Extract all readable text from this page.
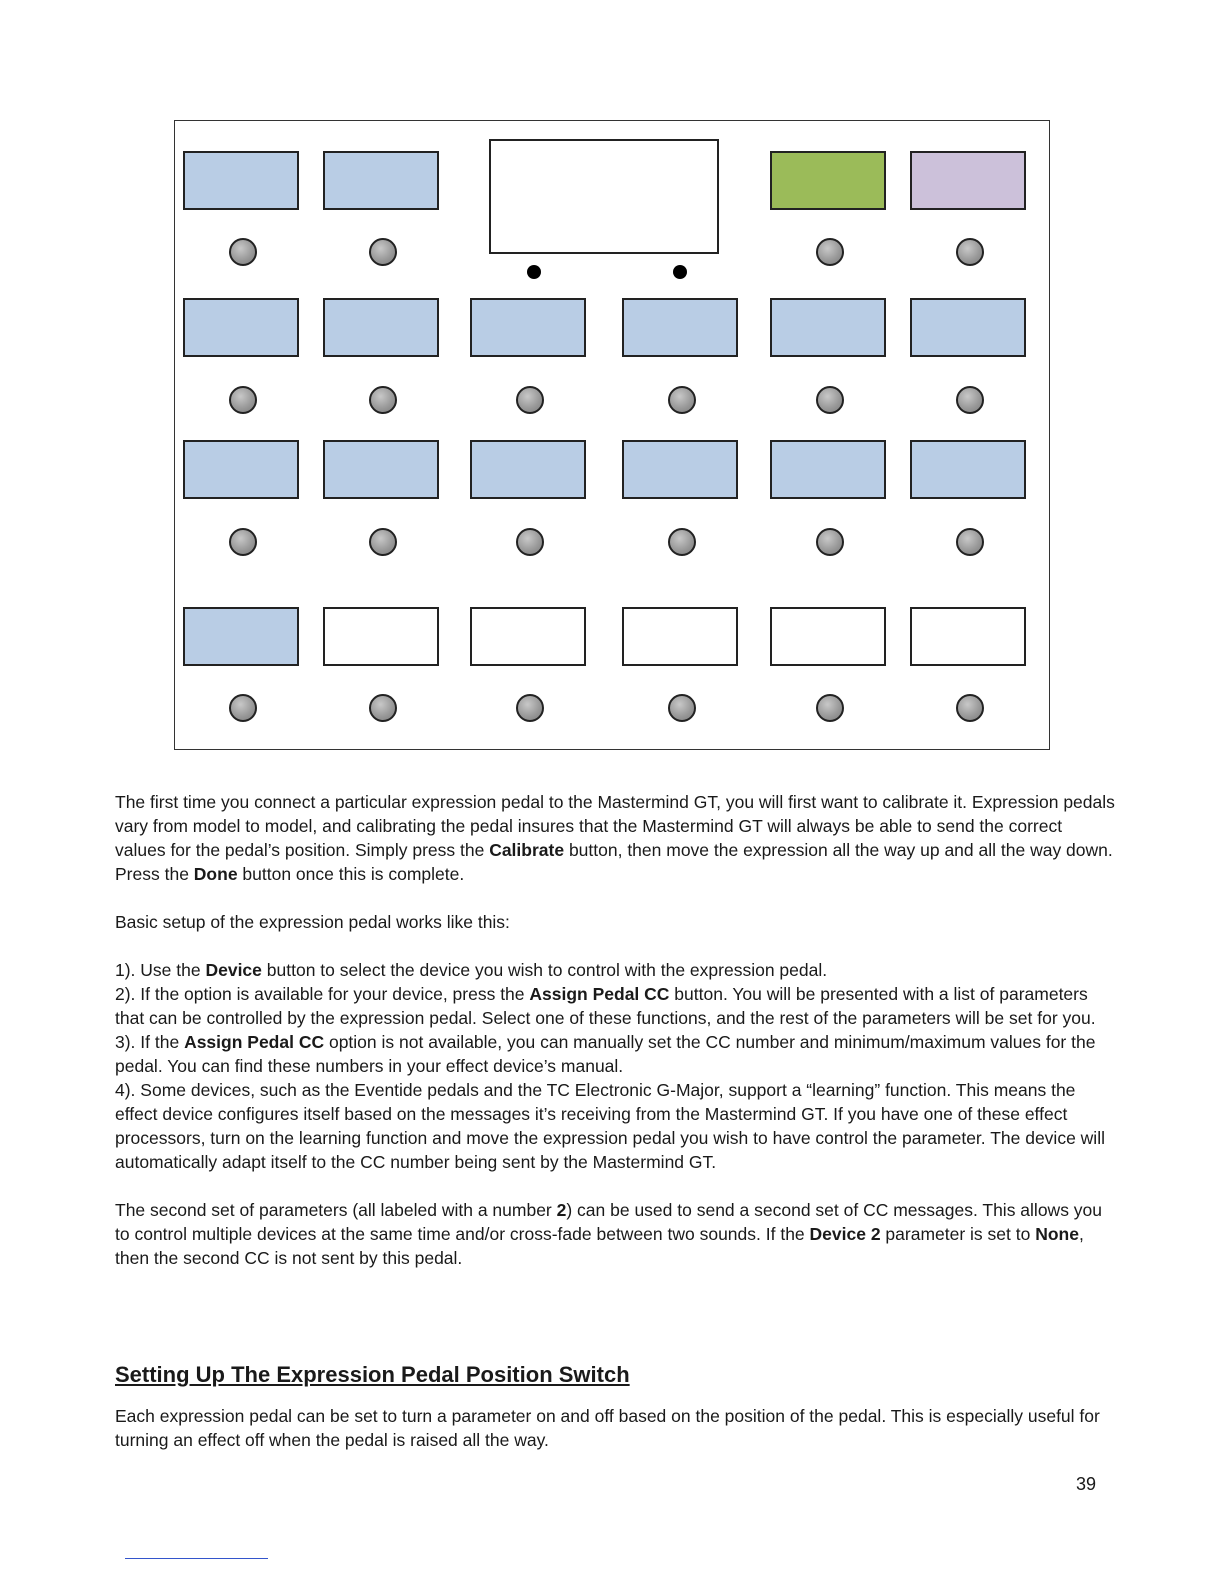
The first time you connect a particular expression pedal to the Mastermind GT, you will first want to calibrate it. Expression pedals vary from model to model, and calibrating the pedal insures that the Mastermind GT will always be able to send the correct values for the pedal’s position. Simply press the Calibrate button, then move the expression all the way up and all the way down. Press the Done button once this is complete.

Basic setup of the expression pedal works like this:

1). Use the Device button to select the device you wish to control with the expression pedal.
2). If the option is available for your device, press the Assign Pedal CC button. You will be presented with a list of parameters that can be controlled by the expression pedal. Select one of these functions, and the rest of the parameters will be set for you.
3). If the Assign Pedal CC option is not available, you can manually set the CC number and minimum/maximum values for the pedal. You can find these numbers in your effect device’s manual.
4). Some devices, such as the Eventide pedals and the TC Electronic G-Major, support a “learning” function. This means the effect device configures itself based on the messages it’s receiving from the Mastermind GT. If you have one of these effect processors, turn on the learning function and move the expression pedal you wish to have control the parameter. The device will automatically adapt itself to the CC number being sent by the Mastermind GT.

The second set of parameters (all labeled with a number 2) can be used to send a second set of CC messages. This allows you to control multiple devices at the same time and/or cross-fade between two sounds. If the Device 2 parameter is set to None, then the second CC is not sent by this pedal.

Setting Up The Expression Pedal Position Switch

Each expression pedal can be set to turn a parameter on and off based on the position of the pedal. This is especially useful for turning an effect off when the pedal is raised all the way.

39
